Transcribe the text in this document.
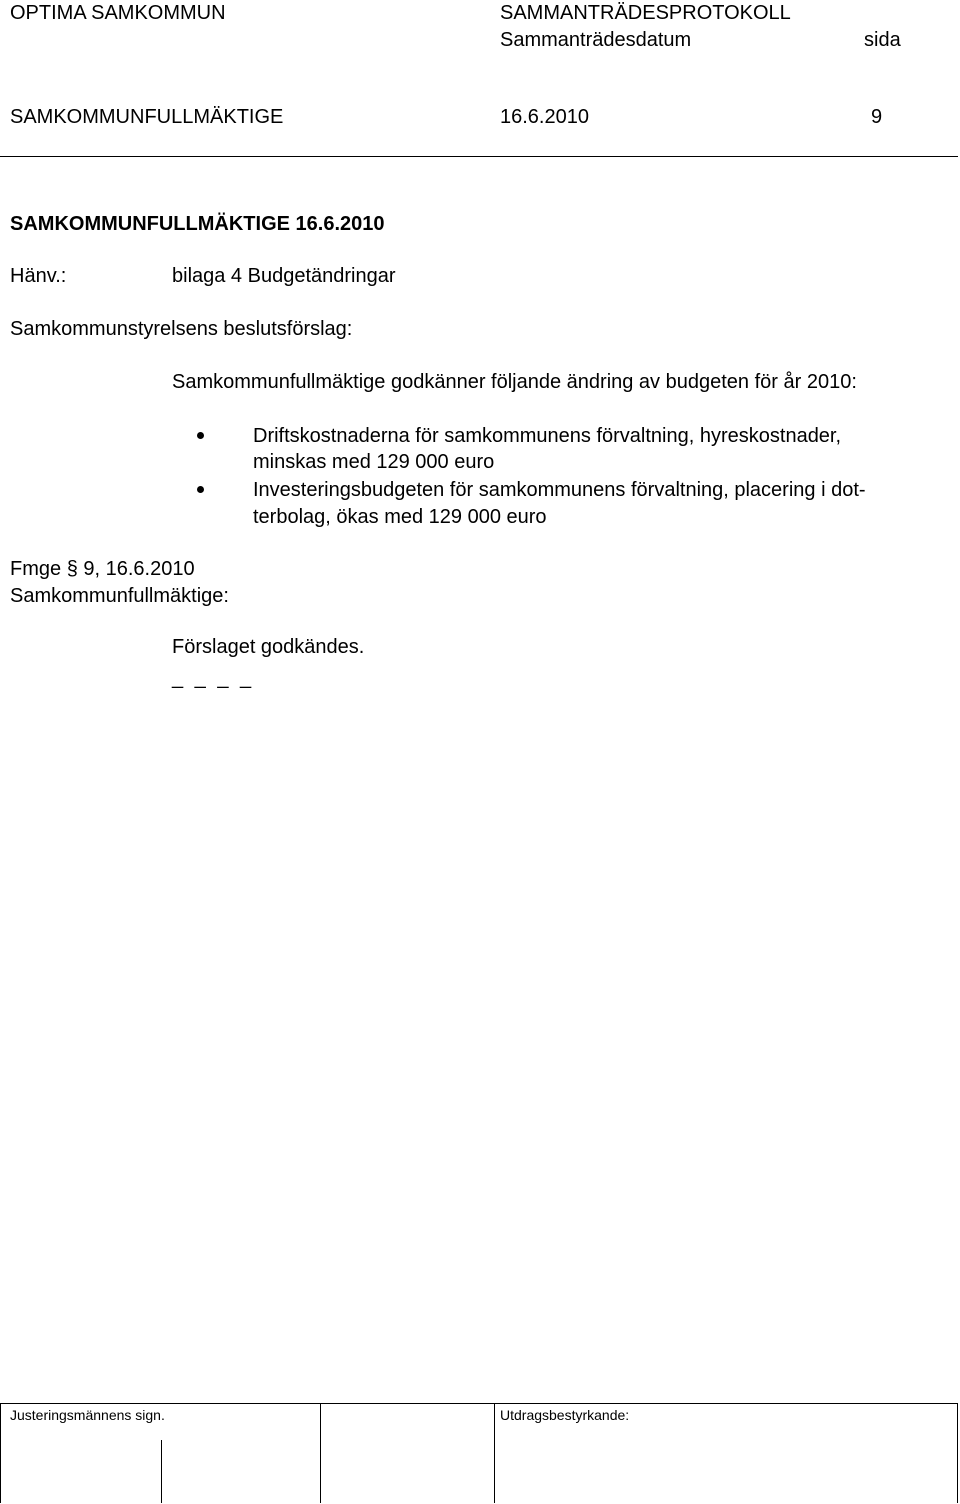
OPTIMA SAMKOMMUN	SAMMANTRÄDESPROTOKOLL
Sammanträdesdatum	sida
SAMKOMMUNFULLMÄKTIGE	16.6.2010	9
SAMKOMMUNFULLMÄKTIGE 16.6.2010
Hänv.:	bilaga 4 Budgetändringar
Samkommunstyrelsens beslutsförslag:
Samkommunfullmäktige godkänner följande ändring av budgeten för år 2010:
Driftskostnaderna för samkommunens förvaltning, hyreskostnader,
minskas med 129 000 euro
Investeringsbudgeten för samkommunens förvaltning, placering i dot-
terbolag, ökas med 129 000 euro
Fmge § 9, 16.6.2010
Samkommunfullmäktige:
Förslaget godkändes.
_ _ _ _
Justeringsmännens sign.	Utdragsbestyrkande:
